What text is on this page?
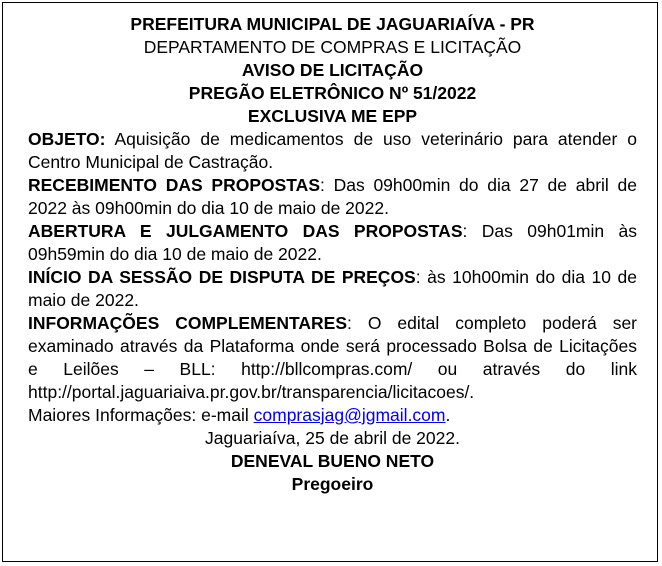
PREFEITURA MUNICIPAL DE JAGUARIAÍVA - PR
DEPARTAMENTO DE COMPRAS E LICITAÇÃO
AVISO DE LICITAÇÃO
PREGÃO ELETRÔNICO Nº 51/2022
EXCLUSIVA ME EPP

OBJETO: Aquisição de medicamentos de uso veterinário para atender o Centro Municipal de Castração.

RECEBIMENTO DAS PROPOSTAS: Das 09h00min do dia 27 de abril de 2022 às 09h00min do dia 10 de maio de 2022.

ABERTURA E JULGAMENTO DAS PROPOSTAS: Das 09h01min às 09h59min do dia 10 de maio de 2022.

INÍCIO DA SESSÃO DE DISPUTA DE PREÇOS: às 10h00min do dia 10 de maio de 2022.

INFORMAÇÕES COMPLEMENTARES: O edital completo poderá ser examinado através da Plataforma onde será processado Bolsa de Licitações e Leilões – BLL: http://bllcompras.com/ ou através do link

http://portal.jaguariaiva.pr.gov.br/transparencia/licitacoes/.

Maiores Informações: e-mail comprasjag@jgmail.com.

Jaguariaíva, 25 de abril de 2022.
DENEVAL BUENO NETO
Pregoeiro
